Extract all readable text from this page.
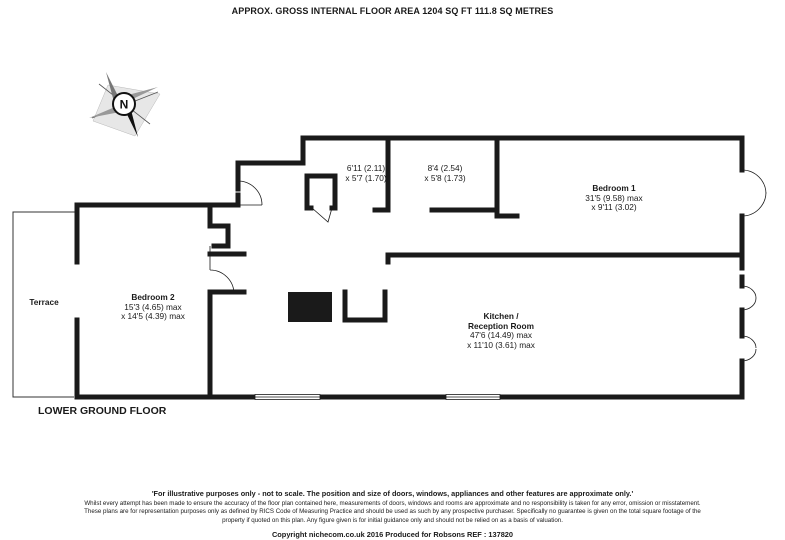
APPROX. GROSS INTERNAL FLOOR AREA 1204 SQ FT 111.8 SQ METRES
N
Bedroom 1
31'5 (9.58) max
x 9'11 (3.02)
Bedroom 2
15'3 (4.65) max
x 14'5 (4.39) max	Kitchen /
Reception Room
47'6 (14.49) max
x 11'10 (3.61) max
6'11 (2.11)
x 5'7 (1.70)
8'4 (2.54)
x 5'8 (1.73)
Terrace
LOWER GROUND FLOOR
'For illustrative purposes only - not to scale. The position and size of doors, windows, appliances and other features are approximate only.'
Whilst every attempt has been made to ensure the accuracy of the floor plan contained here, measurements of doors, windows and rooms are approximate and no responsibility is taken for any error, omission or misstatement. These plans are for representation purposes only as defined by RICS Code of Measuring Practice and should be used as such by any prospective purchaser. Specifically no guarantee is given on the total square footage of the property if quoted on this plan. Any figure given is for initial guidance only and should not be relied on as a basis of valuation.
Copyright nichecom.co.uk 2016 Produced for Robsons REF : 137820
